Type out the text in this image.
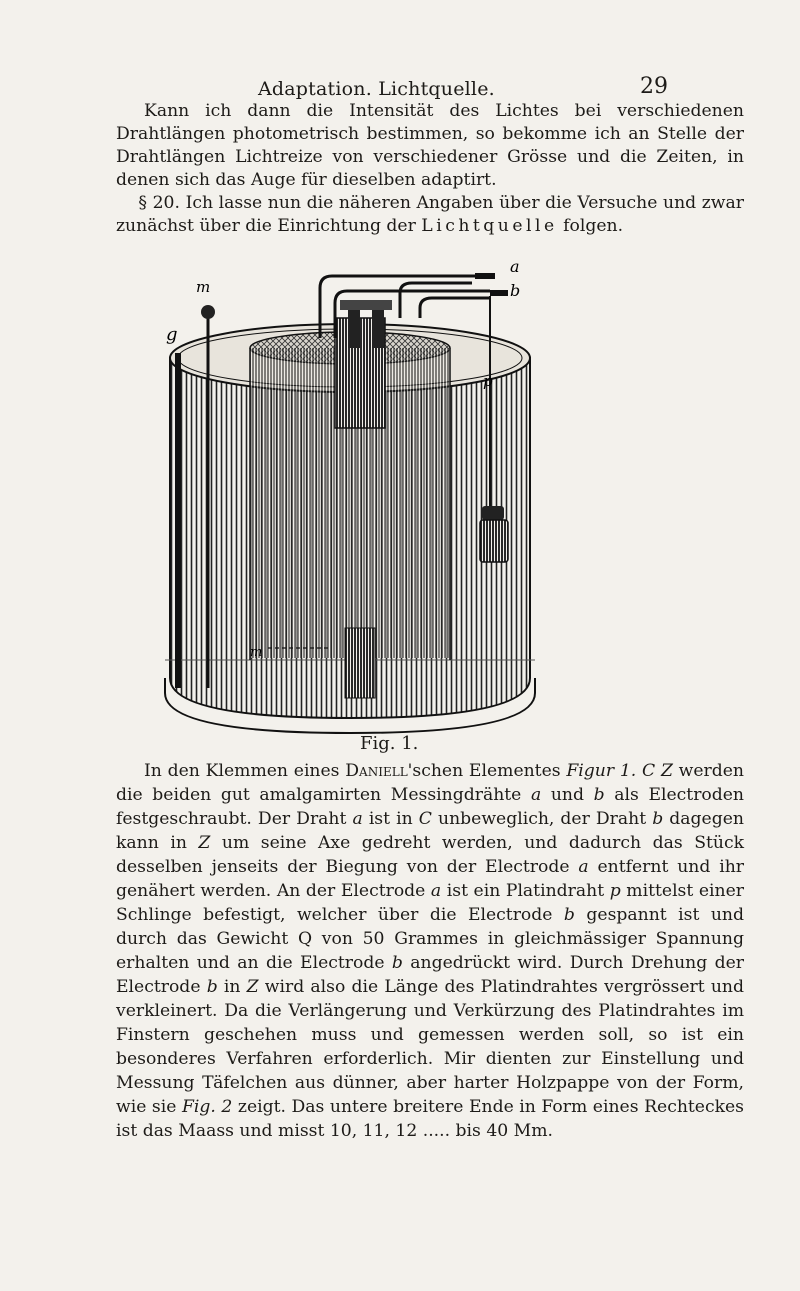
Adaptation. Lichtquelle.	29

Kann ich dann die Intensität des Lichtes bei verschiedenen Drahtlängen photometrisch bestimmen, so bekomme ich an Stelle der Drahtlängen Lichtreize von verschiedener Grösse und die Zeiten, in denen sich das Auge für dieselben adaptirt.
§ 20. Ich lasse nun die näheren Angaben über die Versuche und zwar zunächst über die Einrichtung der Lichtquelle folgen.

a
b
g
m
m
p
Fig. 1.

In den Klemmen eines Daniell'schen Elementes Figur 1. C Z werden die beiden gut amalgamirten Messingdrähte a und b als Electroden festgeschraubt. Der Draht a ist in C unbeweglich, der Draht b dagegen kann in Z um seine Axe gedreht werden, und dadurch das Stück desselben jenseits der Biegung von der Electrode a entfernt und ihr genähert werden. An der Electrode a ist ein Platindraht p mittelst einer Schlinge befestigt, welcher über die Electrode b gespannt ist und durch das Gewicht Q von 50 Grammes in gleichmässiger Spannung erhalten und an die Electrode b angedrückt wird. Durch Drehung der Electrode b in Z wird also die Länge des Platindrahtes vergrössert und verkleinert. Da die Verlängerung und Verkürzung des Platindrahtes im Finstern geschehen muss und gemessen werden soll, so ist ein besonderes Verfahren erforderlich. Mir dienten zur Einstellung und Messung Täfelchen aus dünner, aber harter Holzpappe von der Form, wie sie Fig. 2 zeigt. Das untere breitere Ende in Form eines Rechteckes ist das Maass und misst 10, 11, 12 ..... bis 40 Mm.
